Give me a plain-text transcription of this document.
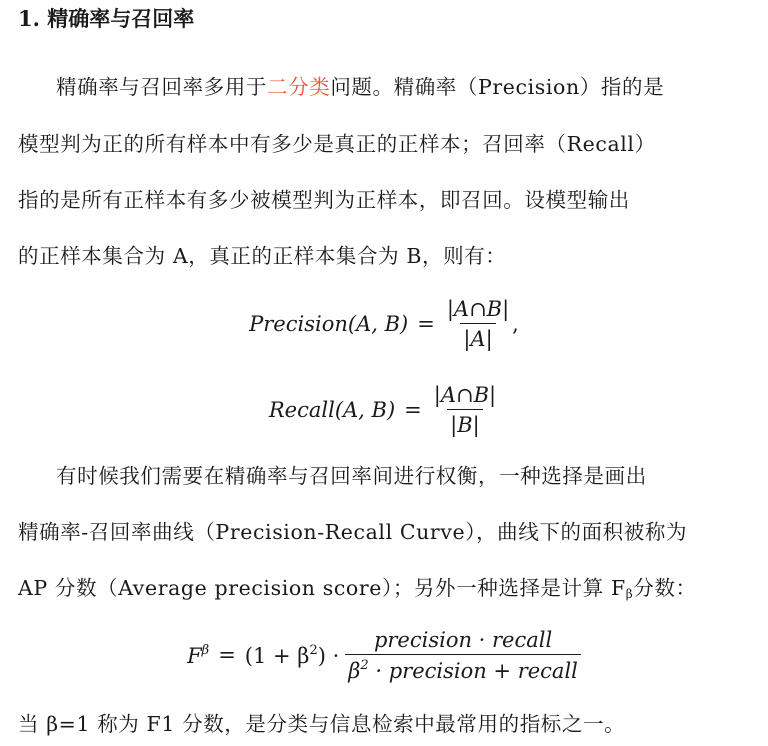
1. 精确率与召回率
精确率与召回率多用于二分类问题。精确率（Precision）指的是
模型判为正的所有样本中有多少是真正的正样本；召回率（Recall）
指的是所有正样本有多少被模型判为正样本，即召回。设模型输出
的正样本集合为 A，真正的正样本集合为 B，则有：
Precision(A, $B) = \frac{|A\cap B|}{|A|}$ ,
Recall(A, $B) = \frac{|A\cap B|}{|B|}$
有时候我们需要在精确率与召回率间进行权衡，一种选择是画出
精确率-召回率曲线（Precision-Recall Curve），曲线下的面积被称为
AP 分数（Average precision score）；另外一种选择是计算 Fβ分数：
$F^\beta = (1 + \beta^2) \cdot \frac{\text{precision · recall}}{\beta^2 \cdot precision + recall}$
当 β=1 称为 F1 分数，是分类与信息检索中最常用的指标之一。
